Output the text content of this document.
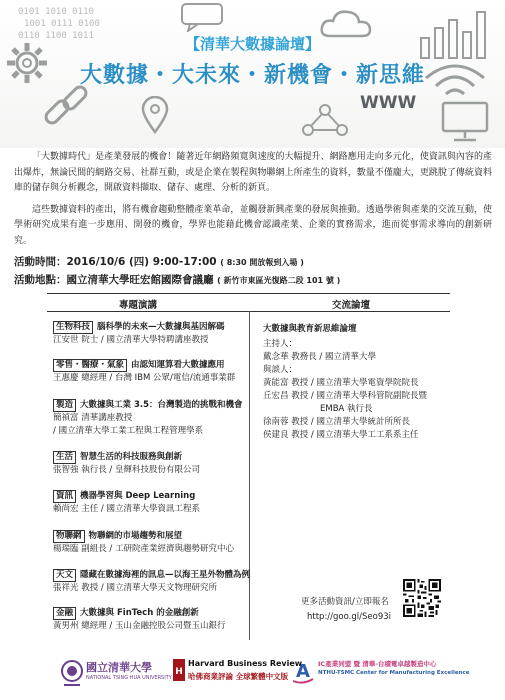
0101 1010 0110
1001 0111 0100
0110 1100 1011	【清華大數據論壇】
大數據・大未來・新機會・新思維
WWW

「大數據時代」是產業發展的機會！隨著近年網路頻寬與速度的大幅提升、網路應用走向多元化，使資訊與內容的產出爆炸，無論民間的網路交易、社群互動，或是企業在製程與物聯網上所產生的資料，數量不僅龐大，更跳脫了傳統資料庫的儲存與分析觀念，開啟資料擷取、儲存、處理、分析的新頁。

這些數據資料的產出，將有機會趨動整體產業革命，並觸發新興產業的發展與推動。透過學術與產業的交流互動，使學術研究成果有進一步應用、開發的機會，學界也能藉此機會認識產業、企業的實務需求，進而從事需求導向的創新研究。

活動時間：2016/10/6 (四) 9:00-17:00 ( 8:30 開放報到入場 )
活動地點：國立清華大學旺宏館國際會議廳 ( 新竹市東區光復路二段 101 號 )
專題演講	交流論壇
生物科技 腦科學的未來—大數據與基因解碼
江安世 院士 / 國立清華大學特聘講座教授
零售・醫療・氣象 由認知運算看大數據應用
王惠慶 總經理 / 台灣 IBM 公眾/電信/流通事業群
製造 大數據與工業 3.5：台灣製造的挑戰和機會
簡禎富 清華講座教授
/ 國立清華大學工業工程與工程管理學系
生活 智慧生活的科技服務與創新
張智強 執行長 / 皇輝科技股份有限公司
資訊 機器學習與 Deep Learning
賴尚宏 主任 / 國立清華大學資訊工程系
物聯網 物聯網的市場趨勢和展望
楊瑞臨 副組長 / 工研院產業經濟與趨勢研究中心
天文 隱藏在數據海裡的訊息—以海王星外物體為例
張祥光 教授 / 國立清華大學天文物理研究所
金融 大數據與 FinTech 的金融創新
黃男州 總經理 / 玉山金融控股公司暨玉山銀行
大數據與教育新思維論壇
主持人：
戴念華 教務長 / 國立清華大學
與談人：
黃能富 教授 / 國立清華大學電資學院院長
丘宏昌 教授 / 國立清華大學科管院副院長暨
EMBA 執行長
徐南蓉 教授 / 國立清華大學統計所所長
侯建良 教授 / 國立清華大學工工系系主任
更多活動資訊/立即報名
http://goo.gl/Seo93i
國立清華大學
NATIONAL TSING HUA UNIVERSITY
H
Harvard Business Review
哈佛商業評論 全球繁體中文版 A IC產業同盟 暨 清華-台積電卓越製造中心
NTHU-TSMC Center for Manufacturing Excellence
